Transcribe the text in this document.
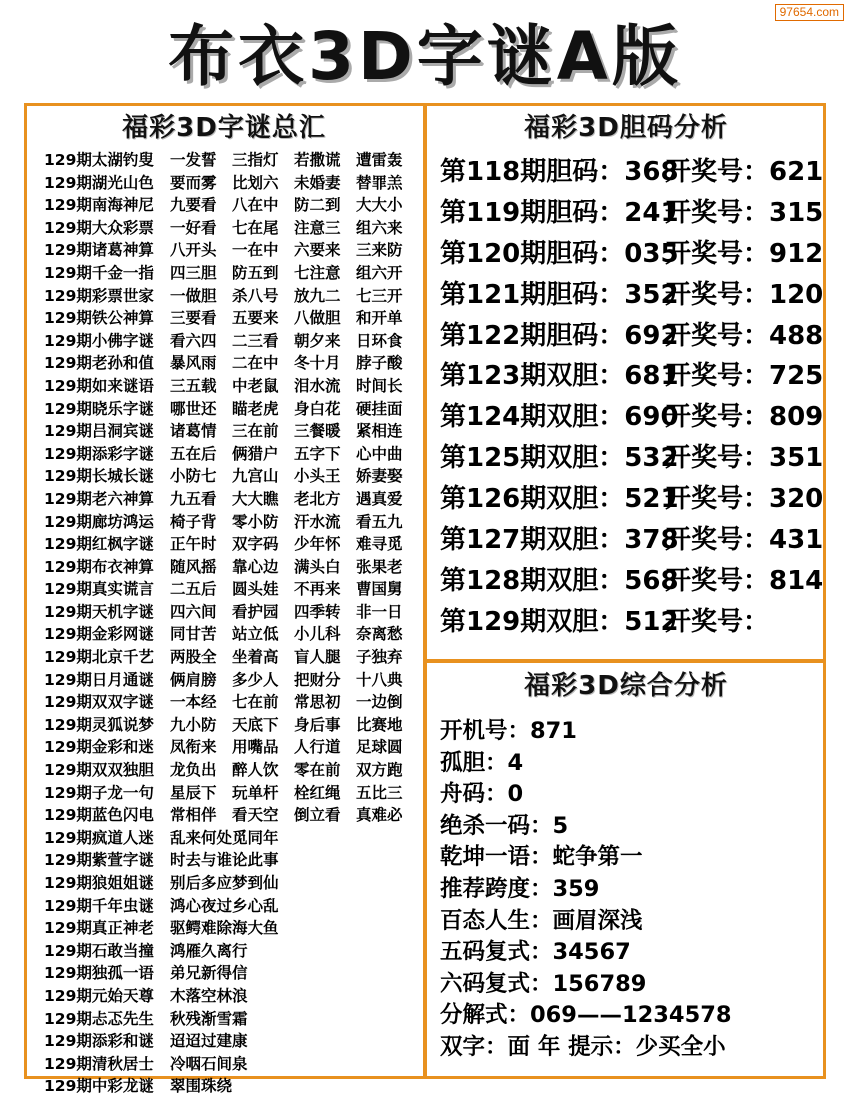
97654.com
布衣3D字谜A版
福彩3D字谜总汇	福彩3D胆码分析
福彩3D综合分析
129期太湖钓叟	一发誓 三指灯 若撒谎 遭雷轰
129期湖光山色	要而雾 比划六 未婚妻 替罪羔
129期南海神尼	九要看 八在中 防二到 大大小
129期大众彩票	一好看 七在尾 注意三 组六来
129期诸葛神算	八开头 一在中 六要来 三来防
129期千金一指	四三胆 防五到 七注意 组六开
129期彩票世家	一做胆 杀八号 放九二 七三开
129期铁公神算	三要看 五要来 八做胆 和开单
129期小佛字谜	看六四 二三看 朝夕来 日环食
129期老孙和值	暴风雨 二在中 冬十月 脖子酸
129期如来谜语	三五载 中老鼠 泪水流 时间长
129期晓乐字谜	哪世还 瞄老虎 身白花 硬挂面
129期吕洞宾谜	诸葛情 三在前 三餐暖 紧相连
129期添彩字谜	五在后 俩猎户 五字下 心中曲
129期长城长谜	小防七 九宫山 小头王 娇妻娶
129期老六神算	九五看 大大瞧 老北方 遇真爱
129期廊坊鸿运	椅子背 零小防 汗水流 看五九
129期红枫字谜	正午时 双字码 少年怀 难寻觅
129期布衣神算	随风摇 靠心边 满头白 张果老
129期真实谎言	二五后 圆头娃 不再来 曹国舅
129期天机字谜	四六间 看护园 四季转 非一日
129期金彩网谜	同甘苦 站立低 小儿科 奈离愁
129期北京千艺	两股全 坐着高 盲人腿 子独弃
129期日月通谜	俩肩膀 多少人 把财分 十八典
129期双双字谜	一本经 七在前 常思初 一边倒
129期灵狐说梦	九小防 天底下 身后事 比赛地
129期金彩和迷	凤衔来 用嘴品 人行道 足球圆
129期双双独胆	龙负出 醉人饮 零在前 双方跑
129期子龙一句	星辰下 玩单杆 栓红绳 五比三
129期蓝色闪电	常相伴 看天空 倒立看 真难必
129期疯道人迷	乱来何处觅同年
129期紫萱字谜	时去与谁论此事
129期狼姐姐谜	别后多应梦到仙
129期千年虫谜	鸿心夜过乡心乱
129期真正神老	驱鳄难除海大鱼
129期石敢当撞	鸿雁久离行
129期独孤一语	弟兄新得信
129期元始天尊	木落空林浪
129期忐忑先生	秋残渐雪霜
129期添彩和谜	迢迢过建康
129期清秋居士	冷咽石间泉
129期中彩龙谜	翠围珠绕
第118期胆码：368
开奖号：621
第119期胆码：241
开奖号：315
第120期胆码：035
开奖号：912
第121期胆码：352
开奖号：120
第122期胆码：692
开奖号：488
第123期双胆：681
开奖号：725
第124期双胆：690
开奖号：809
第125期双胆：532
开奖号：351
第126期双胆：521
开奖号：320
第127期双胆：378
开奖号：431
第128期双胆：568
开奖号：814
第129期双胆：512
开奖号：
开机号：871
孤胆：4
舟码：0
绝杀一码：5
乾坤一语：蛇争第一
推荐跨度：359
百态人生：画眉深浅
五码复式：34567
六码复式：156789
分解式：069——1234578
双字：面 年 提示：少买全小
